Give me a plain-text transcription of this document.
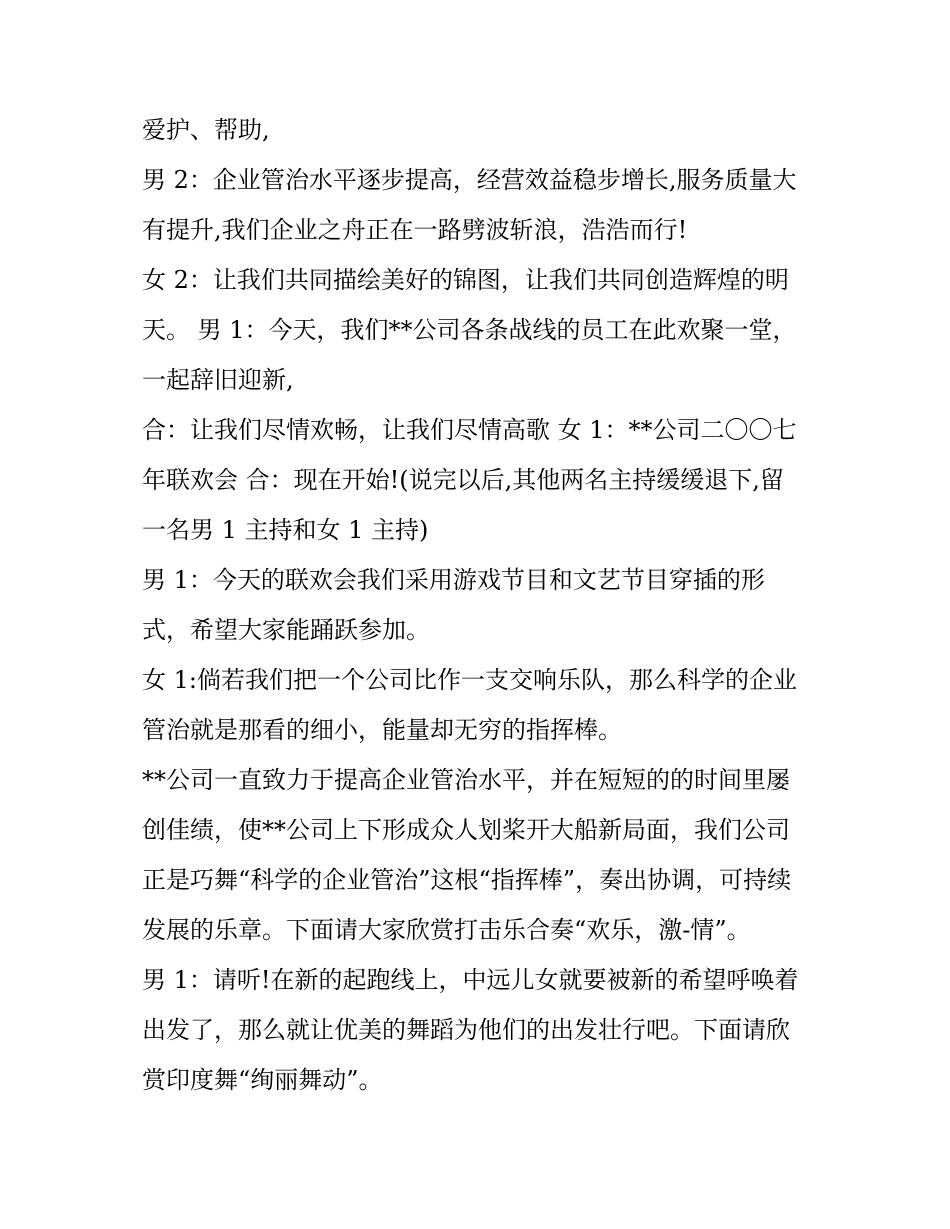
爱护、帮助,

男 2：企业管治水平逐步提高，经营效益稳步增长,服务质量大

有提升,我们企业之舟正在一路劈波斩浪，浩浩而行!

女 2：让我们共同描绘美好的锦图，让我们共同创造辉煌的明

天。 男 1：今天，我们**公司各条战线的员工在此欢聚一堂，

一起辞旧迎新,

合：让我们尽情欢畅，让我们尽情高歌 女 1：**公司二〇〇七

年联欢会 合：现在开始!(说完以后,其他两名主持缓缓退下,留

一名男 1 主持和女 1 主持)

男 1：今天的联欢会我们采用游戏节目和文艺节目穿插的形

式，希望大家能踊跃参加。

女 1:倘若我们把一个公司比作一支交响乐队，那么科学的企业

管治就是那看的细小，能量却无穷的指挥棒。

**公司一直致力于提高企业管治水平，并在短短的的时间里屡

创佳绩，使**公司上下形成众人划桨开大船新局面，我们公司

正是巧舞“科学的企业管治”这根“指挥棒”，奏出协调，可持续

发展的乐章。下面请大家欣赏打击乐合奏“欢乐，激-情”。

男 1：请听!在新的起跑线上，中远儿女就要被新的希望呼唤着

出发了，那么就让优美的舞蹈为他们的出发壮行吧。下面请欣

赏印度舞“绚丽舞动”。
